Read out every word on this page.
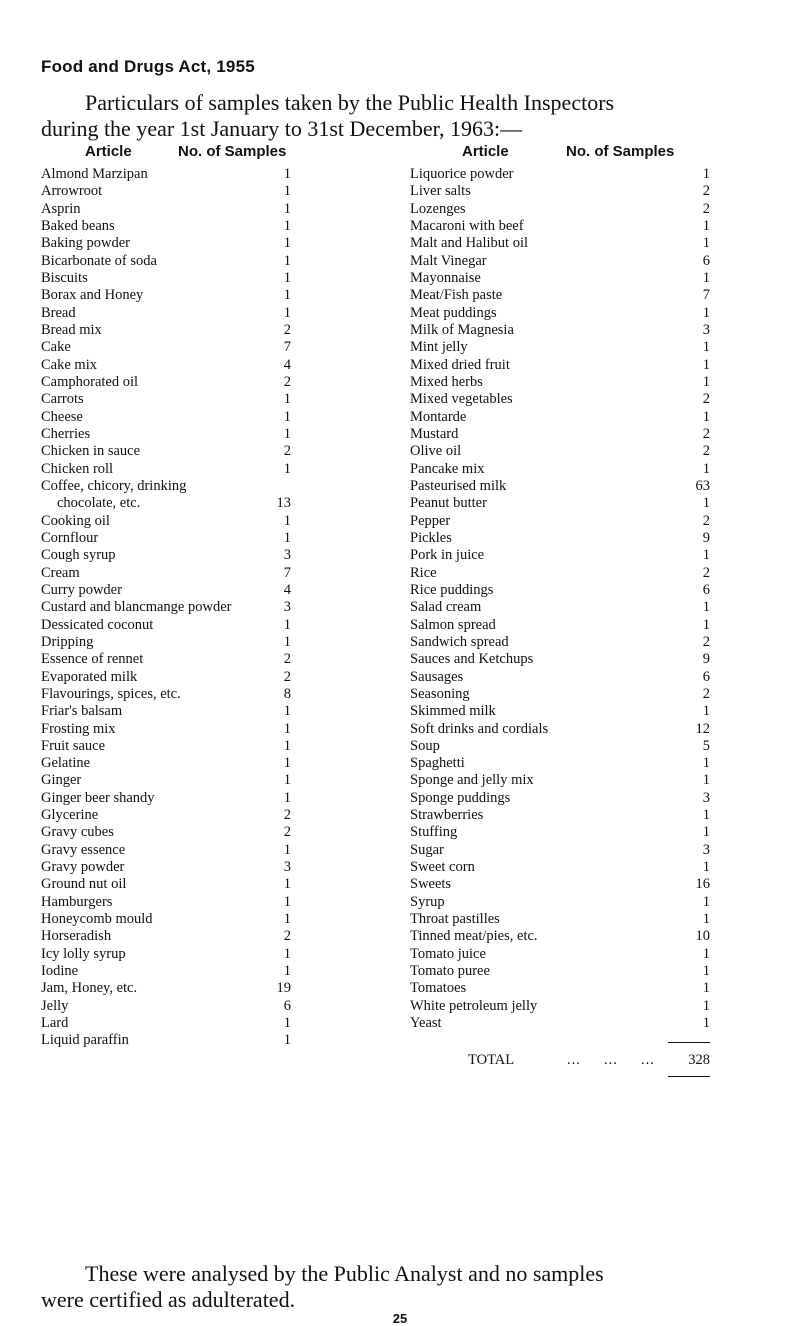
Food and Drugs Act, 1955
Particulars of samples taken by the Public Health Inspectors
during the year 1st January to 31st December, 1963:—
Article	No. of Samples	Article	No. of Samples
Almond Marzipan	1
Arrowroot	1
Asprin	1
Baked beans	1
Baking powder	1
Bicarbonate of soda	1
Biscuits	1
Borax and Honey	1
Bread	1
Bread mix	2
Cake	7
Cake mix	4
Camphorated oil	2
Carrots	1
Cheese	1
Cherries	1
Chicken in sauce	2
Chicken roll	1
Coffee, chicory, drinking
chocolate, etc.	13
Cooking oil	1
Cornflour	1
Cough syrup	3
Cream	7
Curry powder	4
Custard and blancmange powder	3
Dessicated coconut	1
Dripping	1
Essence of rennet	2
Evaporated milk	2
Flavourings, spices, etc.	8
Friar's balsam	1
Frosting mix	1
Fruit sauce	1
Gelatine	1
Ginger	1
Ginger beer shandy	1
Glycerine	2
Gravy cubes	2
Gravy essence	1
Gravy powder	3
Ground nut oil	1
Hamburgers	1
Honeycomb mould	1
Horseradish	2
Icy lolly syrup	1
Iodine	1
Jam, Honey, etc.	19
Jelly	6
Lard	1
Liquid paraffin	1
Liquorice powder	1
Liver salts	2
Lozenges	2
Macaroni with beef	1
Malt and Halibut oil	1
Malt Vinegar	6
Mayonnaise	1
Meat/Fish paste	7
Meat puddings	1
Milk of Magnesia	3
Mint jelly	1
Mixed dried fruit	1
Mixed herbs	1
Mixed vegetables	2
Montarde	1
Mustard	2
Olive oil	2
Pancake mix	1
Pasteurised milk	63
Peanut butter	1
Pepper	2
Pickles	9
Pork in juice	1
Rice	2
Rice puddings	6
Salad cream	1
Salmon spread	1
Sandwich spread	2
Sauces and Ketchups	9
Sausages	6
Seasoning	2
Skimmed milk	1
Soft drinks and cordials	12
Soup	5
Spaghetti	1
Sponge and jelly mix	1
Sponge puddings	3
Strawberries	1
Stuffing	1
Sugar	3
Sweet corn	1
Sweets	16
Syrup	1
Throat pastilles	1
Tinned meat/pies, etc.	10
Tomato juice	1
Tomato puree	1
Tomatoes	1
White petroleum jelly	1
Yeast	1
TOTAL	...     ...     ...	328
These were analysed by the Public Analyst and no samples
were certified as adulterated.
25
